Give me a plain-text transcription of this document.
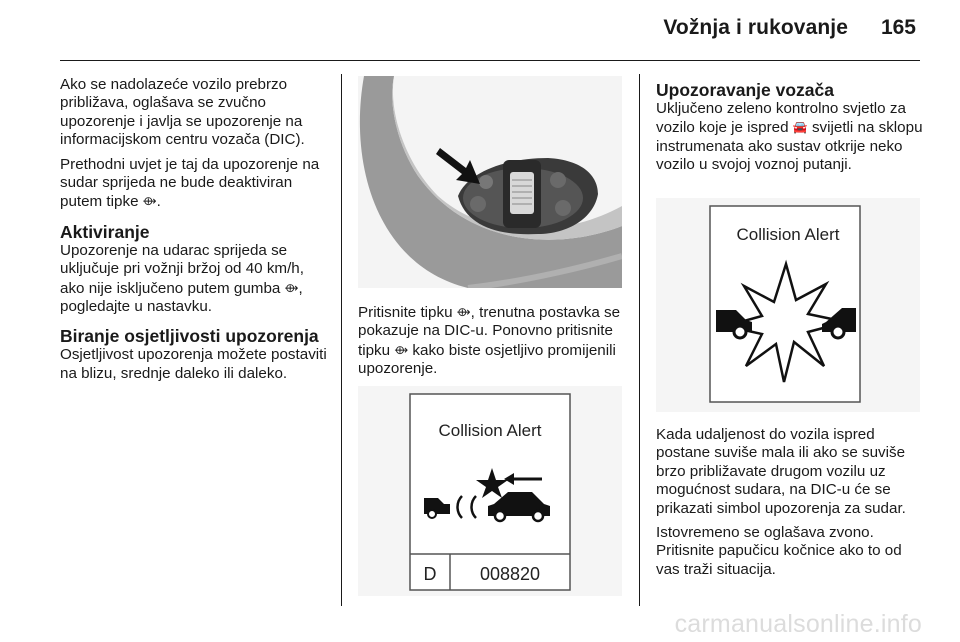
Vožnja i rukovanje 165

Ako se nadolazeće vozilo prebrzo približava, oglašava se zvučno upozorenje i javlja se upozorenje na informacijskom centru vozača (DIC).

Prethodni uvjet je taj da upozorenje na sudar sprijeda ne bude deaktiviran putem tipke ⟴.

Aktiviranje

Upozorenje na udarac sprijeda se uključuje pri vožnji bržoj od 40 km/h, ako nije isključeno putem gumba ⟴, pogledajte u nastavku.

Biranje osjetljivosti upozorenja

Osjetljivost upozorenja možete postaviti na blizu, srednje daleko ili daleko.

Pritisnite tipku ⟴, trenutna postavka se pokazuje na DIC-u. Ponovno pritisnite tipku ⟴ kako biste osjetljivo promijenili upozorenje.

Collision Alert
D 008820
Upozoravanje vozača

Uključeno zeleno kontrolno svjetlo za vozilo koje je ispred 🚘 svijetli na sklopu instrumenata ako sustav otkrije neko vozilo u svojoj voznoj putanji.

Collision Alert

Kada udaljenost do vozila ispred postane suviše mala ili ako se suviše brzo približavate drugom vozilu uz mogućnost sudara, na DIC-u će se prikazati simbol upozorenja za sudar.

Istovremeno se oglašava zvono. Pritisnite papučicu kočnice ako to od vas traži situacija.

carmanualsonline.info
